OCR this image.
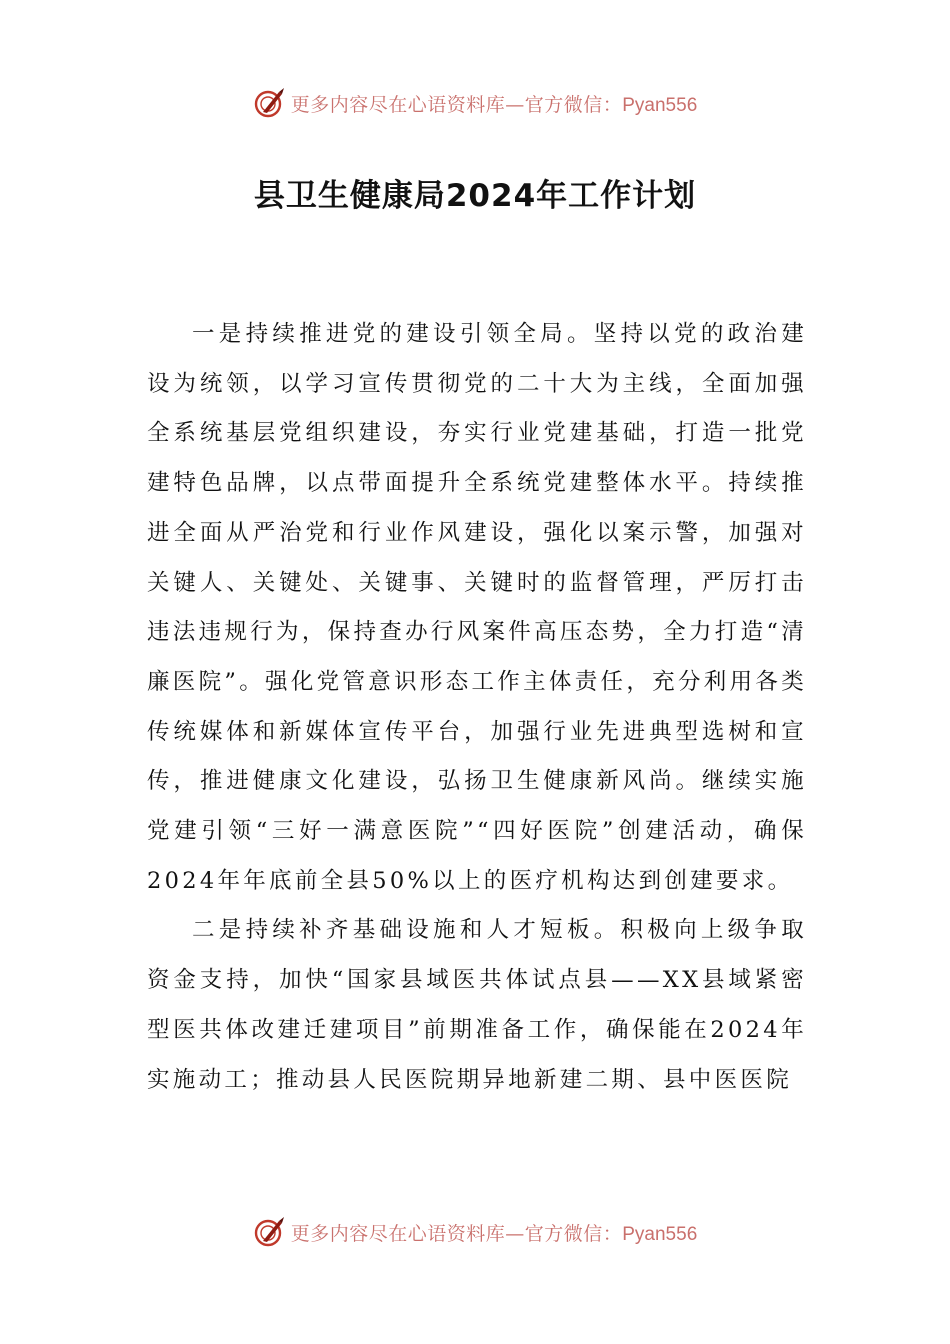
更多内容尽在心语资料库—官方微信：Pyan556
县卫生健康局2024年工作计划

一是持续推进党的建设引领全局。坚持以党的政治建设为统领，以学习宣传贯彻党的二十大为主线，全面加强全系统基层党组织建设，夯实行业党建基础，打造一批党建特色品牌，以点带面提升全系统党建整体水平。持续推进全面从严治党和行业作风建设，强化以案示警，加强对关键人、关键处、关键事、关键时的监督管理，严厉打击违法违规行为，保持查办行风案件高压态势，全力打造“清廉医院”。强化党管意识形态工作主体责任，充分利用各类传统媒体和新媒体宣传平台，加强行业先进典型选树和宣传，推进健康文化建设，弘扬卫生健康新风尚。继续实施党建引领“三好一满意医院”“四好医院”创建活动，确保2024年年底前全县50%以上的医疗机构达到创建要求。

二是持续补齐基础设施和人才短板。积极向上级争取资金支持，加快“国家县域医共体试点县——XX县域紧密型医共体改建迁建项目”前期准备工作，确保能在2024年实施动工；推动县人民医院期异地新建二期、县中医医院

更多内容尽在心语资料库—官方微信：Pyan556
